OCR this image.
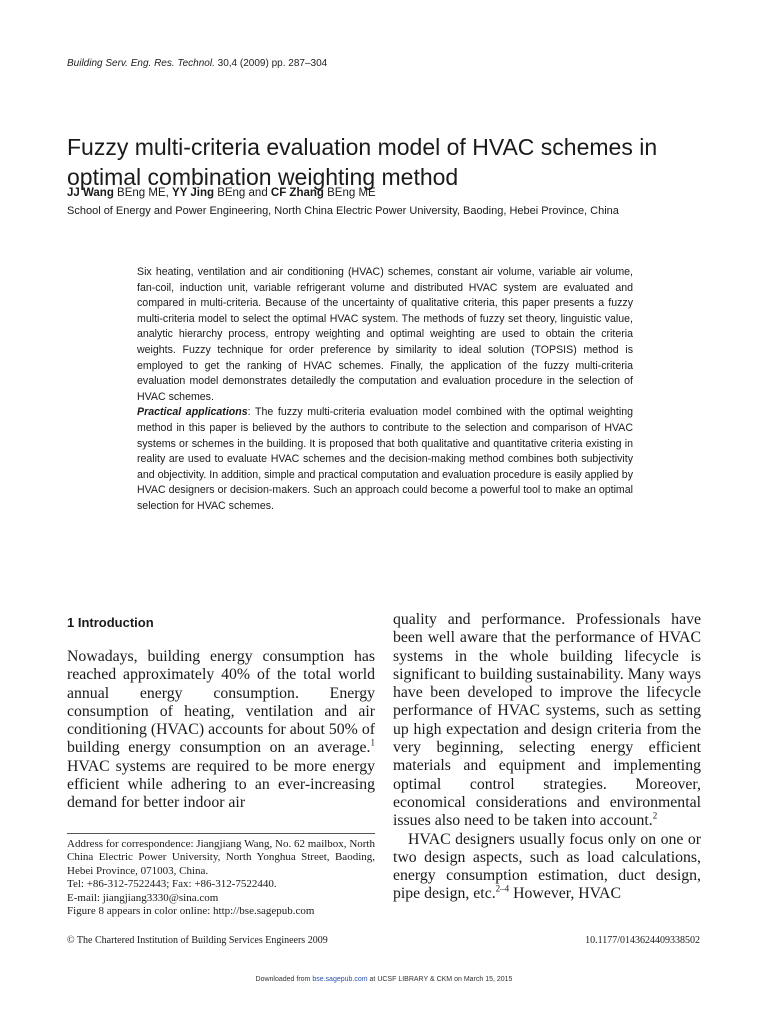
Building Serv. Eng. Res. Technol. 30,4 (2009) pp. 287–304
Fuzzy multi-criteria evaluation model of HVAC schemes in optimal combination weighting method
JJ Wang BEng ME, YY Jing BEng and CF Zhang BEng ME
School of Energy and Power Engineering, North China Electric Power University, Baoding, Hebei Province, China

Six heating, ventilation and air conditioning (HVAC) schemes, constant air volume, variable air volume, fan-coil, induction unit, variable refrigerant volume and distributed HVAC system are evaluated and compared in multi-criteria. Because of the uncertainty of qualitative criteria, this paper presents a fuzzy multi-criteria model to select the optimal HVAC system. The methods of fuzzy set theory, linguistic value, analytic hierarchy process, entropy weighting and optimal weighting are used to obtain the criteria weights. Fuzzy technique for order preference by similarity to ideal solution (TOPSIS) method is employed to get the ranking of HVAC schemes. Finally, the application of the fuzzy multi-criteria evaluation model demonstrates detailedly the computation and evaluation procedure in the selection of HVAC schemes.

Practical applications: The fuzzy multi-criteria evaluation model combined with the optimal weighting method in this paper is believed by the authors to contribute to the selection and comparison of HVAC systems or schemes in the building. It is proposed that both qualitative and quantitative criteria existing in reality are used to evaluate HVAC schemes and the decision-making method combines both subjectivity and objectivity. In addition, simple and practical computation and evaluation procedure is easily applied by HVAC designers or decision-makers. Such an approach could become a powerful tool to make an optimal selection for HVAC schemes.

1 Introduction

Nowadays, building energy consumption has reached approximately 40% of the total world annual energy consumption. Energy consumption of heating, ventilation and air conditioning (HVAC) accounts for about 50% of building energy consumption on an average.$^1$ HVAC systems are required to be more energy efficient while adhering to an ever-increasing demand for better indoor air

quality and performance. Professionals have been well aware that the performance of HVAC systems in the whole building lifecycle is significant to building sustainability. Many ways have been developed to improve the lifecycle performance of HVAC systems, such as setting up high expectation and design criteria from the very beginning, selecting energy efficient materials and equipment and implementing optimal control strategies. Moreover, economical considerations and environmental issues also need to be taken into account.$^2$

HVAC designers usually focus only on one or two design aspects, such as load calculations, energy consumption estimation, duct design, pipe design, etc.$^{2-4}$ However, HVAC

Address for correspondence: Jiangjiang Wang, No. 62 mailbox, North China Electric Power University, North Yonghua Street, Baoding, Hebei Province, 071003, China.

Tel: +86-312-7522443; Fax: +86-312-7522440.

E-mail: jiangjiang3330@sina.com

Figure 8 appears in color online: http://bse.sagepub.com

© The Chartered Institution of Building Services Engineers 2009	10.1177/0143624409338502
Downloaded from bse.sagepub.com at UCSF LIBRARY & CKM on March 15, 2015
